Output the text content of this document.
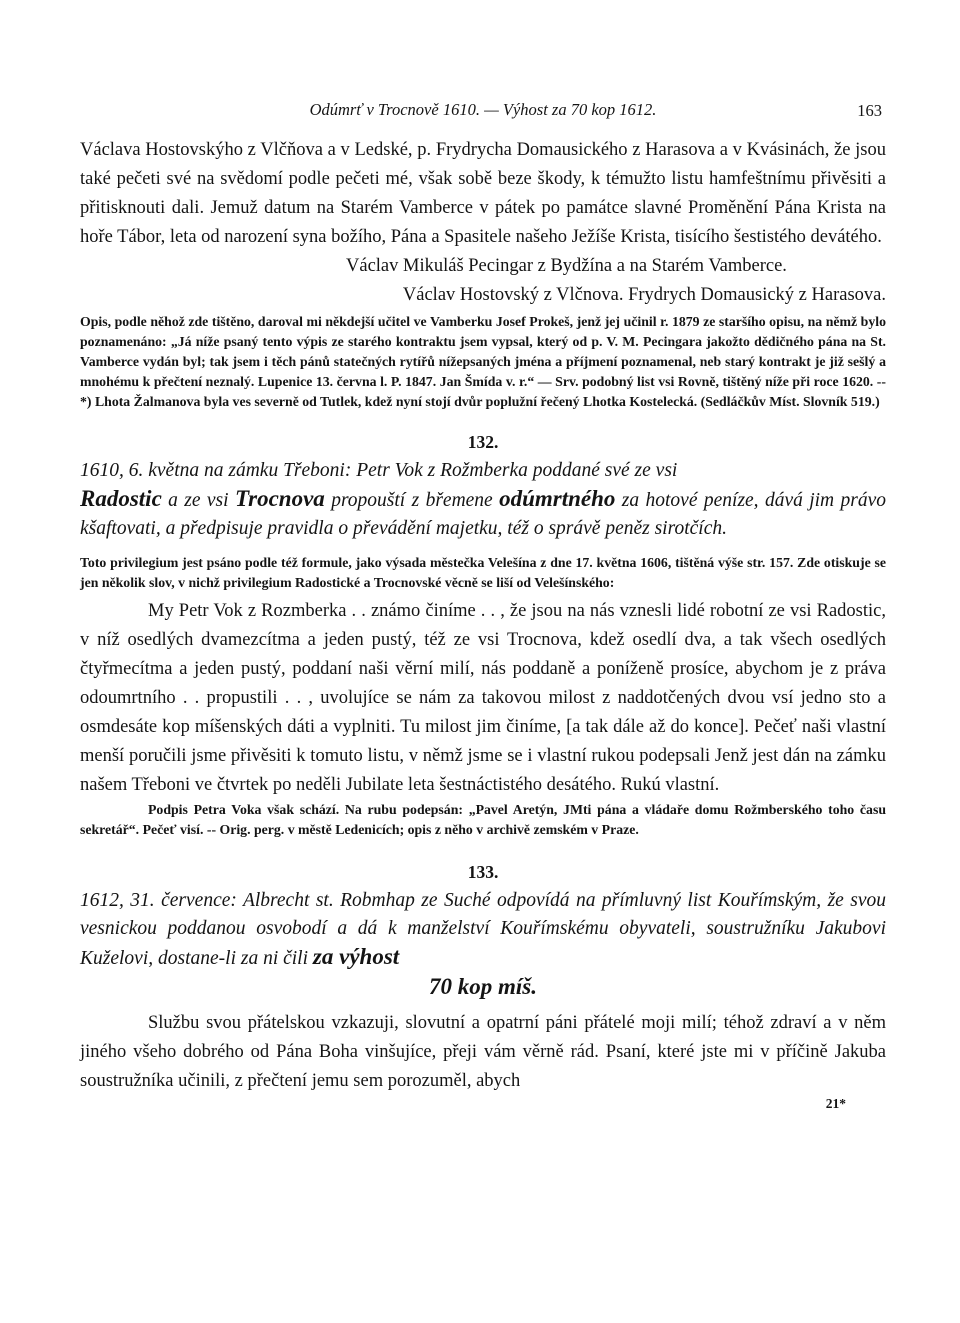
Odúmrť v Trocnově 1610. — Výhost za 70 kop 1612.	163
Václava Hostovskýho z Vlčňova a v Ledské, p. Frydrycha Domausického z Harasova a v Kvásinách, že jsou také pečeti své na svědomí podle pečeti mé, však sobě beze škody, k témužto listu hamfeštnímu přivěsiti a přitisknouti dali. Jemuž datum na Starém Vamberce v pátek po památce slavné Proměnění Pána Krista na hoře Tábor, leta od narození syna božího, Pána a Spasitele našeho Ježíše Krista, tisícího šestistého devátého.
Václav Mikuláš Pecingar z Bydžína a na Starém Vamberce.
Václav Hostovský z Vlčnova. Frydrych Domausický z Harasova.
Opis, podle něhož zde tištěno, daroval mi někdejší učitel ve Vamberku Josef Prokeš, jenž jej učinil r. 1879 ze staršího opisu, na němž bylo poznamenáno: „Já níže psaný tento výpis ze starého kontraktu jsem vypsal, který od p. V. M. Pecingara jakožto dědičného pána na St. Vamberce vydán byl; tak jsem i těch pánů statečných rytířů nížepsaných jména a příjmení poznamenal, neb starý kontrakt je již sešlý a mnohému k přečtení neznalý. Lupenice 13. června l. P. 1847. Jan Šmída v. r.“ — Srv. podobný list vsi Rovně, tištěný níže při roce 1620. -- *) Lhota Žalmanova byla ves severně od Tutlek, kdež nyní stojí dvůr poplužní řečený Lhotka Kostelecká. (Sedláčkův Míst. Slovník 519.)
132.
1610, 6. května na zámku Třeboni: Petr Vok z Rožmberka poddané své ze vsi
Radostic a ze vsi Trocnova propouští z břemene odúmrtného za hotové peníze, dává jim právo kšaftovati, a předpisuje pravidla o převádění majetku, též o správě peněz sirotčích.
Toto privilegium jest psáno podle též formule, jako výsada městečka Velešína z dne 17. května 1606, tištěná výše str. 157. Zde otiskuje se jen několik slov, v nichž privilegium Radostické a Trocnovské věcně se liší od Velešínského:
My Petr Vok z Rozmberka . . známo činíme . . , že jsou na nás vznesli lidé robotní ze vsi Radostic, v níž osedlých dvamezcítma a jeden pustý, též ze vsi Trocnova, kdež osedlí dva, a tak všech osedlých čtyřmecítma a jeden pustý, poddaní naši věrní milí, nás poddaně a poníženě prosíce, abychom je z práva odoumrtního . . propustili . . , uvolujíce se nám za takovou milost z naddotčených dvou vsí jedno sto a osmdesáte kop míšenských dáti a vyplniti. Tu milost jim činíme, [a tak dále až do konce]. Pečeť naši vlastní menší poručili jsme přivěsiti k tomuto listu, v němž jsme se i vlastní rukou podepsali Jenž jest dán na zámku našem Třeboni ve čtvrtek po neděli Jubilate leta šestnáctistého desátého. Rukú vlastní.
Podpis Petra Voka však schází. Na rubu podepsán: „Pavel Aretýn, JMti pána a vládaře domu Rožmberského toho času sekretář“. Pečeť visí. -- Orig. perg. v městě Ledenicích; opis z něho v archivě zemském v Praze.
133.
1612, 31. července: Albrecht st. Robmhap ze Suché odpovídá na přímluvný list Kouřímským, že svou vesnickou poddanou osvobodí a dá k manželství Kouřímskému obyvateli, soustružníku Jakubovi Kuželovi, dostane-li za ni čili za výhost
70 kop míš.
Službu svou přátelskou vzkazuji, slovutní a opatrní páni přátelé moji milí; téhož zdraví a v něm jiného všeho dobrého od Pána Boha vinšujíce, přeji vám věrně rád. Psaní, které jste mi v příčině Jakuba soustružníka učinili, z přečtení jemu sem porozuměl, abych
21*
